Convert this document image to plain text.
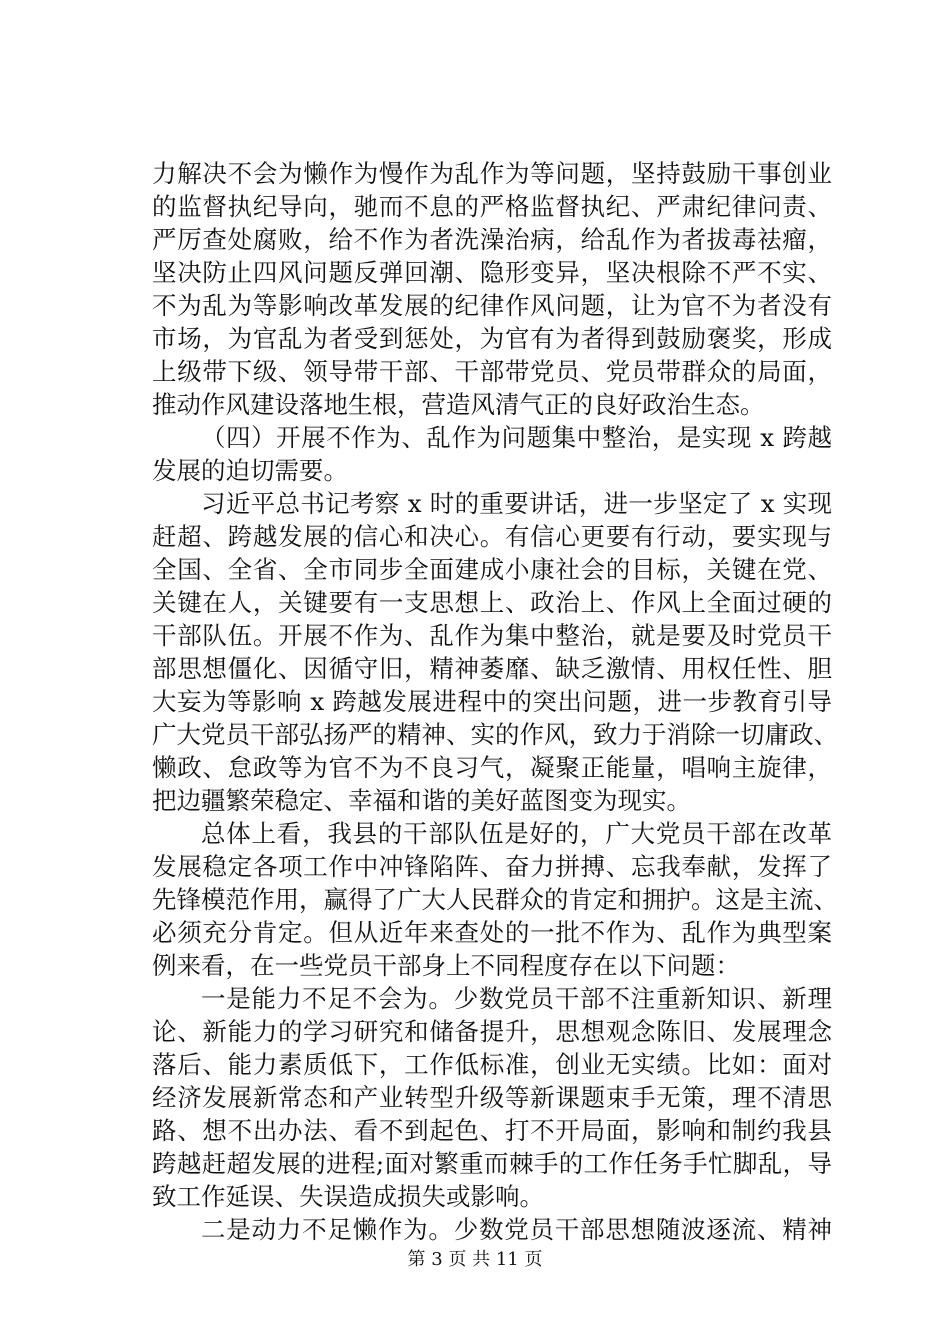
力解决不会为懒作为慢作为乱作为等问题，坚持鼓励干事创业
的监督执纪导向，驰而不息的严格监督执纪、严肃纪律问责、
严厉查处腐败，给不作为者洗澡治病，给乱作为者拔毒祛瘤，
坚决防止四风问题反弹回潮、隐形变异，坚决根除不严不实、
不为乱为等影响改革发展的纪律作风问题，让为官不为者没有
市场，为官乱为者受到惩处，为官有为者得到鼓励褒奖，形成
上级带下级、领导带干部、干部带党员、党员带群众的局面，
推动作风建设落地生根，营造风清气正的良好政治生态。
（四）开展不作为、乱作为问题集中整治，是实现 x 跨越
发展的迫切需要。
习近平总书记考察 x 时的重要讲话，进一步坚定了 x 实现
赶超、跨越发展的信心和决心。有信心更要有行动，要实现与
全国、全省、全市同步全面建成小康社会的目标，关键在党、
关键在人，关键要有一支思想上、政治上、作风上全面过硬的
干部队伍。开展不作为、乱作为集中整治，就是要及时党员干
部思想僵化、因循守旧，精神萎靡、缺乏激情、用权任性、胆
大妄为等影响 x 跨越发展进程中的突出问题，进一步教育引导
广大党员干部弘扬严的精神、实的作风，致力于消除一切庸政、
懒政、怠政等为官不为不良习气，凝聚正能量，唱响主旋律，
把边疆繁荣稳定、幸福和谐的美好蓝图变为现实。
总体上看，我县的干部队伍是好的，广大党员干部在改革
发展稳定各项工作中冲锋陷阵、奋力拼搏、忘我奉献，发挥了
先锋模范作用，赢得了广大人民群众的肯定和拥护。这是主流、
必须充分肯定。但从近年来查处的一批不作为、乱作为典型案
例来看，在一些党员干部身上不同程度存在以下问题：
一是能力不足不会为。少数党员干部不注重新知识、新理
论、新能力的学习研究和储备提升，思想观念陈旧、发展理念
落后、能力素质低下，工作低标准，创业无实绩。比如：面对
经济发展新常态和产业转型升级等新课题束手无策，理不清思
路、想不出办法、看不到起色、打不开局面，影响和制约我县
跨越赶超发展的进程;面对繁重而棘手的工作任务手忙脚乱，导
致工作延误、失误造成损失或影响。
二是动力不足懒作为。少数党员干部思想随波逐流、精神
第 3 页 共 11 页
